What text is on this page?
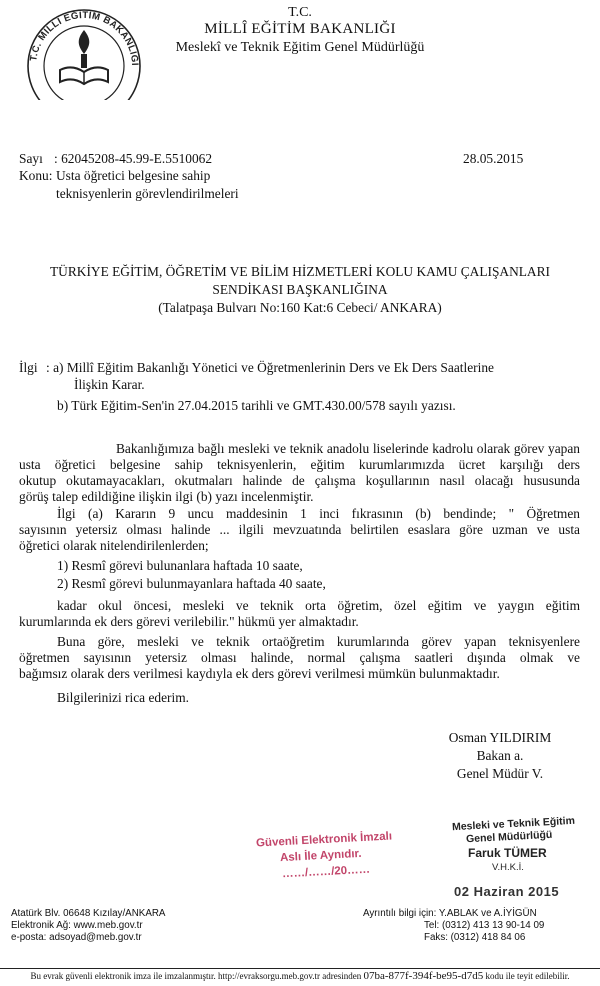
T.C. MİLLÎ EĞİTİM BAKANLIĞI
T.C.
MİLLÎ EĞİTİM BAKANLIĞI
Meslekî ve Teknik Eğitim Genel Müdürlüğü
Sayı : 62045208-45.99-E.5510062	28.05.2015
Konu: Usta öğretici belgesine sahip
teknisyenlerin görevlendirilmeleri
TÜRKİYE EĞİTİM, ÖĞRETİM VE BİLİM HİZMETLERİ KOLU KAMU ÇALIŞANLARI
SENDİKASI BAŞKANLIĞINA
(Talatpaşa Bulvarı No:160 Kat:6 Cebeci/ ANKARA)
İlgi : a) Millî Eğitim Bakanlığı Yönetici ve Öğretmenlerinin Ders ve Ek Ders Saatlerine
İlişkin Karar.
b) Türk Eğitim-Sen'in 27.04.2015 tarihli ve GMT.430.00/578 sayılı yazısı.
Bakanlığımıza bağlı mesleki ve teknik anadolu liselerinde kadrolu olarak görev yapan
usta öğretici belgesine sahip teknisyenlerin, eğitim kurumlarımızda ücret karşılığı ders
okutup okutamayacakları, okutmaları halinde de çalışma koşullarının nasıl olacağı hususunda
görüş talep edildiğine ilişkin ilgi (b) yazı incelenmiştir.
İlgi (a) Kararın 9 uncu maddesinin 1 inci fıkrasının (b) bendinde; " Öğretmen
sayısının yetersiz olması halinde ... ilgili mevzuatında belirtilen esaslara göre uzman ve usta
öğretici olarak nitelendirilenlerden;
1) Resmî görevi bulunanlara haftada 10 saate,
2) Resmî görevi bulunmayanlara haftada 40 saate,
kadar okul öncesi, mesleki ve teknik orta öğretim, özel eğitim ve yaygın eğitim
kurumlarında ek ders görevi verilebilir." hükmü yer almaktadır.
Buna göre, mesleki ve teknik ortaöğretim kurumlarında görev yapan teknisyenlere
öğretmen sayısının yetersiz olması halinde, normal çalışma saatleri dışında olmak ve
bağımsız olarak ders verilmesi kaydıyla ek ders görevi verilmesi mümkün bulunmaktadır.
Bilgilerinizi rica ederim.
Osman YILDIRIM
Bakan a.
Genel Müdür V.
Güvenli Elektronik İmzalı
Aslı İle Aynıdır.
……/……/20……
Mesleki ve Teknik Eğitim
Genel Müdürlüğü
Faruk TÜMER
V.H.K.İ.
02 Haziran 2015
Atatürk Blv. 06648 Kızılay/ANKARA
Elektronik Ağ: www.meb.gov.tr
e-posta: adsoyad@meb.gov.tr
Ayrıntılı bilgi için: Y.ABLAK ve A.İYİGÜN
Tel: (0312) 413 13 90-14 09
Faks: (0312) 418 84 06
Bu evrak güvenli elektronik imza ile imzalanmıştır. http://evraksorgu.meb.gov.tr adresinden 07ba-877f-394f-be95-d7d5 kodu ile teyit edilebilir.
